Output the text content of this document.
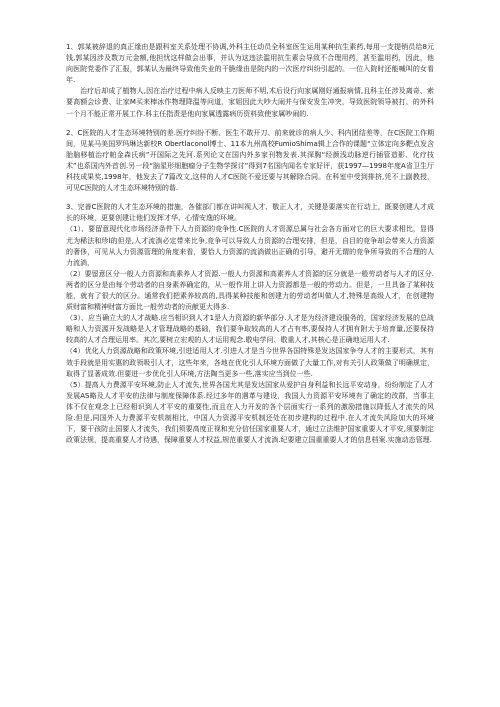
1、郭某被辞退的真正缘由是跟科室关系处理不协调,外科主任动员全科室医生运用某种抗生素药,每用一支提销员给8元钱,郭某因涉及数万元金额,他担忧这样做会出事，并认为这违法滥用抗生素会导致不合理用药，甚至滥用药，因此，他向医院党委作了汇报，郭某认为最终导致他失业的干脆缘由是院内的一次医疗纠纷引起的。一位入院时还能喊叫的女看年.

治疗后却成了植物人,因在治疗过程中病人反映主刀医师不明,术后设行向家属刚好通报病情,且科主任涉及离奇、索要高额会诊费、让家M买来棒冰作物理降温等问道，家姐因此大吵大闹并与保安发生冲突，导致医院领导被打，的外科一个月不能正常开展工作.科主任指责是他向家属透露病历资料致使家属吵闹的.

2、C医院的人才生态环境特别的差.医疗纠纷不断、医生不敢开刀、前来就诊的病人少、科内团结差等，在C医院工作期间，见某马美国罗玛琳达新校R Obertlaconol博士、11本九州高校FumioShima辑上合作的课题“立体定向多靶点发含胎脑移植治疗帕金森氏病”开国际之先河.系列论文在国内外多家刊物发表.其深胸“经颜浅动脉逆行插管造影、化疗技术”也系国内外首创.另一段“脑星形细胞瘤分子生物学探讨”得到7名国内闻名专家好评，获1997—1998年度A省卫生厅科技成果奖,1998年，他发去了7篇改文,这样的人才C医院不爱还要与其解除合同。在科室中受到排挤,凭不上副教授，可见C医院的人才生态环境特别的谐.

3、完善C医院的人才生态环境的措施，各催部门都在讲叫视人才、敬正人才，关键是要落实在行动上，既要创建人才成长的环境，更要创建让他们发挥才华、心情安逸的环境。

（1）、要留意现代化市场经济条件下人力资源的竞争性.C医院的人才资源总属与社会各方面对它的巨大要求相比，显得尤为稀法和珍l的但是,人才流淌必定带来比争,竞争可以导致人力资源的合理安排，但是，自目的竞争却会带来人力资源的奢侈，可见从人力资源管理的角度来看，要恰人力资源的流淌做出正确的引导，避开无谓的竞争所导致的不合理的人力流淌，

（2）要留意区分一般人力资源和高素养人才资源.一般人力资源和高素养人才资源的区分就是一般劳动者与人才的区分.两者的区分是由每个劳动者的自身素养确定的，从一般作用上讲人力资源都是一般的劳动力。但是，一旦具备了某种技能，就有了很大的区分。通常我们把素养较高的,具得某种技能和创建力的劳动者叫做人才,特殊是高级人才，在创建物质财富和精神财富方面比一般劳动者的贡献更大得多.

（3）、应当确立大的人才战略.应当相识到人才1是人力资源的新华部分.人才是为经济建设服务的，国家经济发展的总战略和人力资源开发战略是人才管理战略的基础，我们要争取较高的人才占有率,要保持人才拥有附大于培育量,还要保持较高的人才合理运用率。其次,要树立宏观的人才运用观念.敬电学问、敬重人才,其核心是正确地运用人才.

（4）优化人力资源战略和政策环境,引进适用人才.引进人才是当今世界各国特殊是发达国家争夺人才的主要形式，其有效手段就是用实惠的政领吸引人才，这些年来，各地在优化引人环境方面做了大量工作,对有关引人政策做了明确规定，取得了显著成效.但要进一步优化引人环境,方法陶当更多一些,落实应当到位一些.

（5）提高人力费源平安环境,防止人才流失,世界各国尤其是发达国家从爱护自身利益和长远平安动身，纷纷制定了人才发展AS略及人才平安的法律与制度保障体系.经过多年的遇革与建设，我国人力资源平安环境有了确定的改群，当事主体不仅在观念上已经相识到人才平安的重要性,而且在人力开发的各个层面实行一系列的激励措施以降低人才流失的风险.但是,同国外人力费源平安机制相比，中国人力资源平安机制还处在初步建构的过程中.在人才流失风险加大的环境下，要干孩防止国要人才流失，我们须要高度正视和充分信任国家重要人才，通过立法维护国家重要人才平安,须要制定政策法规，提高重要人才待遇，保障重要人才权益,规范重要人才流淌.纪要建立国重重要人才的信息档案.实施动态管理.
